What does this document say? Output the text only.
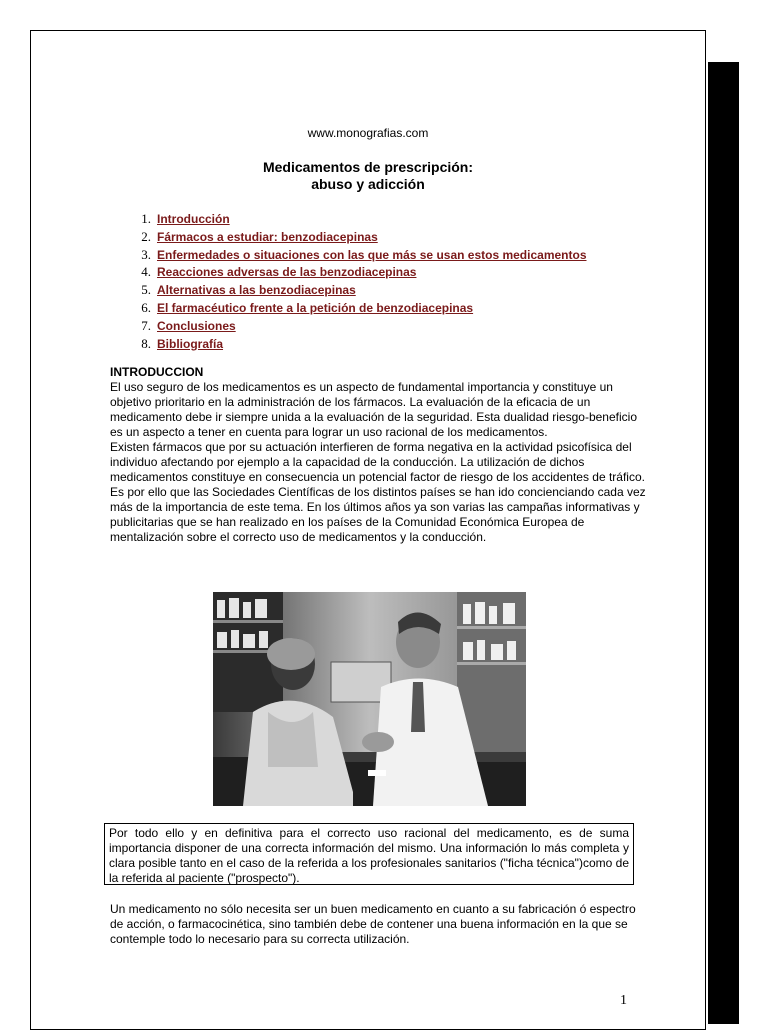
www.monografias.com
Medicamentos de prescripción:
abuso y adicción
1. Introducción
2. Fármacos a estudiar: benzodiacepinas
3. Enfermedades o situaciones con las que más se usan estos medicamentos
4. Reacciones adversas de las benzodiacepinas
5. Alternativas a las benzodiacepinas
6. El farmacéutico frente a la petición de benzodiacepinas
7. Conclusiones
8. Bibliografía
INTRODUCCION
El uso seguro de los medicamentos es un aspecto de fundamental importancia y constituye un objetivo prioritario en la administración de los fármacos. La evaluación de la eficacia de un medicamento debe ir siempre unida a la evaluación de la seguridad. Esta dualidad riesgo-beneficio es un aspecto a tener en cuenta para lograr un uso racional de los medicamentos.
Existen fármacos que por su actuación interfieren de forma negativa en la actividad psicofísica del individuo afectando por ejemplo a la capacidad de la conducción. La utilización de dichos medicamentos constituye en consecuencia un potencial factor de riesgo de los accidentes de tráfico. Es por ello que las Sociedades Científicas de los distintos países se han ido concienciando cada vez más de la importancia de este tema. En los últimos años ya son varias las campañas informativas y publicitarias que se han realizado en los países de la Comunidad Económica Europea de mentalización sobre el correcto uso de medicamentos y la conducción.
Por todo ello y en definitiva para el correcto uso racional del medicamento, es de suma importancia disponer de una correcta información del mismo. Una información lo más completa y clara posible tanto en el caso de la referida a los profesionales sanitarios ("ficha técnica")como de la referida al paciente ("prospecto").
Un medicamento no sólo necesita ser un buen medicamento en cuanto a su fabricación ó espectro de acción, o farmacocinética, sino también debe de contener una buena información en la que se contemple todo lo necesario para su correcta utilización.
1
